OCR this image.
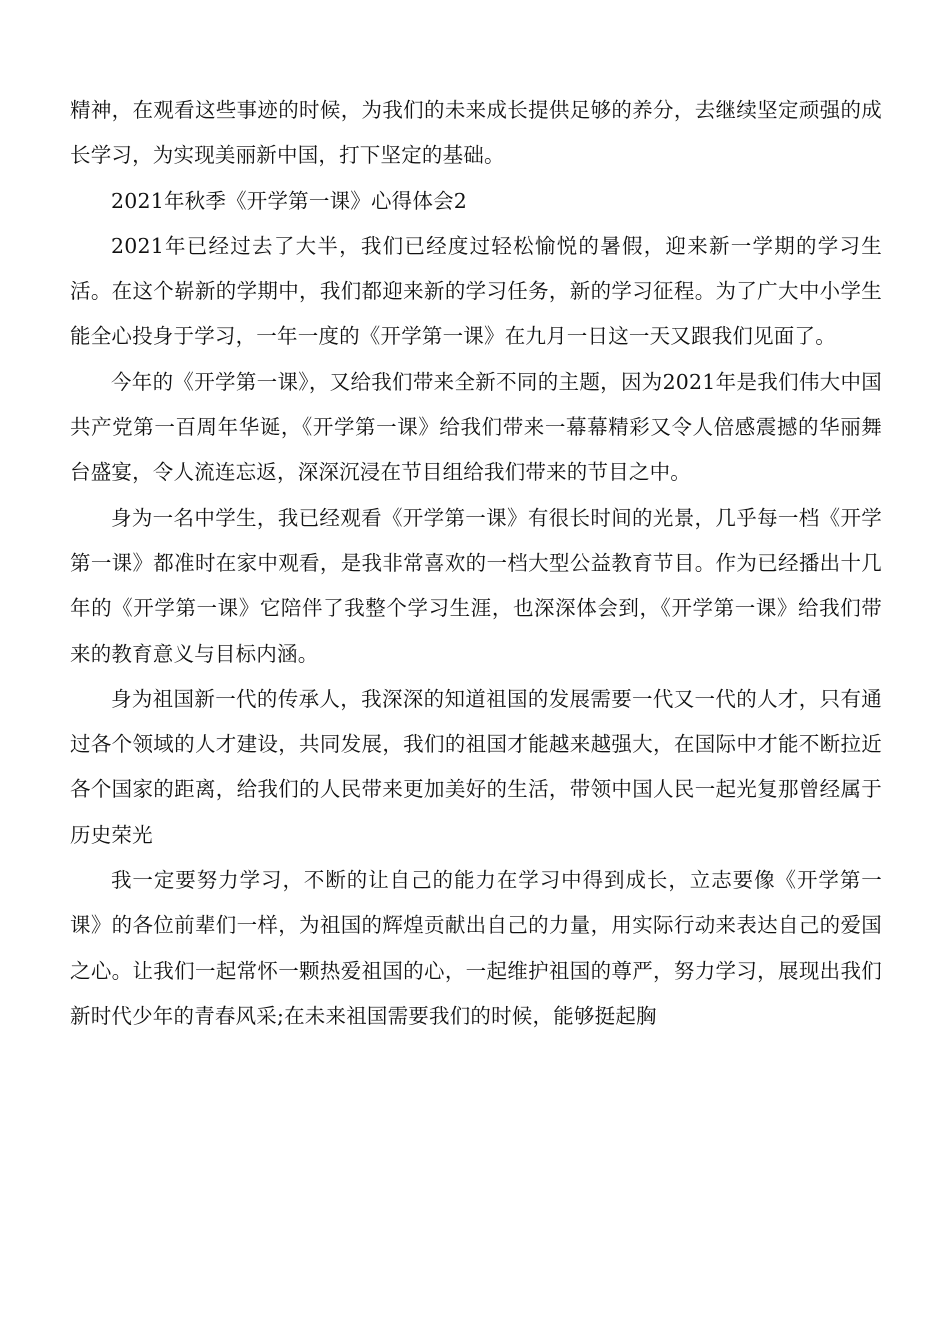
精神，在观看这些事迹的时候，为我们的未来成长提供足够的养分，去继续坚定顽强的成长学习，为实现美丽新中国，打下坚定的基础。

2021年秋季《开学第一课》心得体会2

2021年已经过去了大半，我们已经度过轻松愉悦的暑假，迎来新一学期的学习生活。在这个崭新的学期中，我们都迎来新的学习任务，新的学习征程。为了广大中小学生能全心投身于学习，一年一度的《开学第一课》在九月一日这一天又跟我们见面了。

今年的《开学第一课》，又给我们带来全新不同的主题，因为2021年是我们伟大中国共产党第一百周年华诞，《开学第一课》给我们带来一幕幕精彩又令人倍感震撼的华丽舞台盛宴，令人流连忘返，深深沉浸在节目组给我们带来的节目之中。

身为一名中学生，我已经观看《开学第一课》有很长时间的光景，几乎每一档《开学第一课》都准时在家中观看，是我非常喜欢的一档大型公益教育节目。作为已经播出十几年的《开学第一课》它陪伴了我整个学习生涯，也深深体会到，《开学第一课》给我们带来的教育意义与目标内涵。

身为祖国新一代的传承人，我深深的知道祖国的发展需要一代又一代的人才，只有通过各个领域的人才建设，共同发展，我们的祖国才能越来越强大，在国际中才能不断拉近各个国家的距离，给我们的人民带来更加美好的生活，带领中国人民一起光复那曾经属于历史荣光

我一定要努力学习，不断的让自己的能力在学习中得到成长，立志要像《开学第一课》的各位前辈们一样，为祖国的辉煌贡献出自己的力量，用实际行动来表达自己的爱国之心。让我们一起常怀一颗热爱祖国的心，一起维护祖国的尊严，努力学习，展现出我们新时代少年的青春风采;在未来祖国需要我们的时候，能够挺起胸
